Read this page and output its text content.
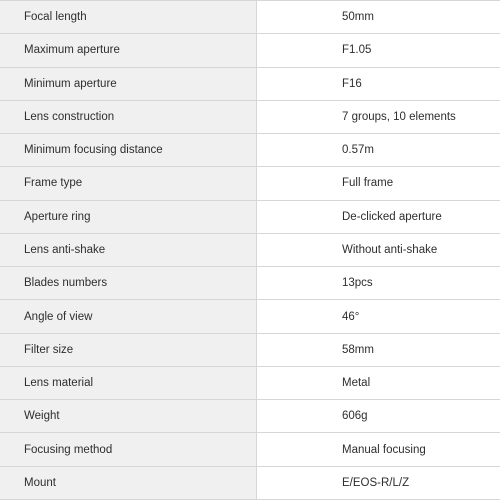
Focal length	50mm
Maximum aperture	F1.05
Minimum aperture	F16
Lens construction	7 groups, 10 elements
Minimum focusing distance	0.57m
Frame type	Full frame
Aperture ring	De-clicked aperture
Lens anti-shake	Without anti-shake
Blades numbers	13pcs
Angle of view	46°
Filter size	58mm
Lens material	Metal
Weight	606g
Focusing method	Manual focusing
Mount	E/EOS-R/L/Z
